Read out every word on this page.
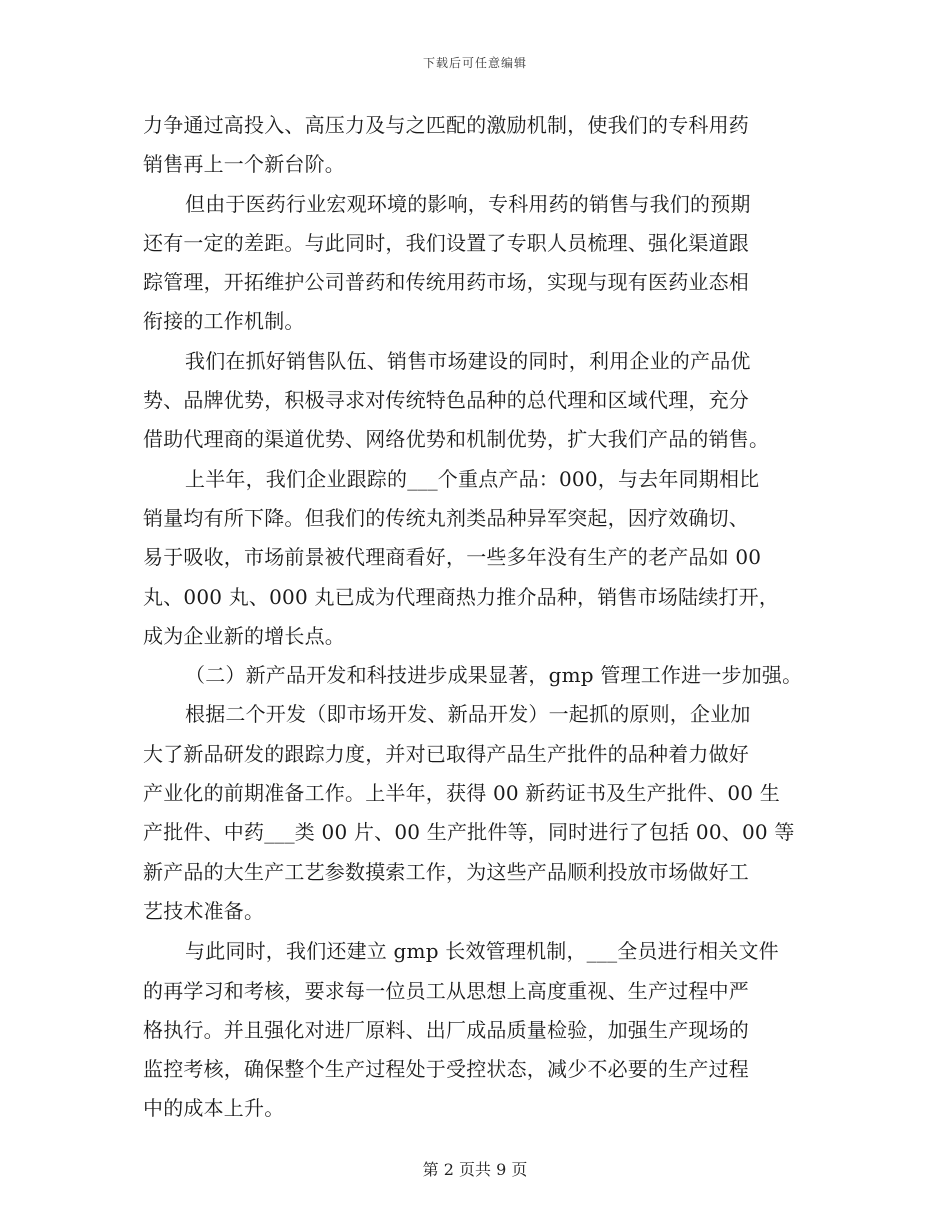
下载后可任意编辑
力争通过高投入、高压力及与之匹配的激励机制，使我们的专科用药
销售再上一个新台阶。
但由于医药行业宏观环境的影响，专科用药的销售与我们的预期
还有一定的差距。与此同时，我们设置了专职人员梳理、强化渠道跟
踪管理，开拓维护公司普药和传统用药市场，实现与现有医药业态相
衔接的工作机制。
我们在抓好销售队伍、销售市场建设的同时，利用企业的产品优
势、品牌优势，积极寻求对传统特色品种的总代理和区域代理，充分
借助代理商的渠道优势、网络优势和机制优势，扩大我们产品的销售。
上半年，我们企业跟踪的___个重点产品：000，与去年同期相比
销量均有所下降。但我们的传统丸剂类品种异军突起，因疗效确切、
易于吸收，市场前景被代理商看好，一些多年没有生产的老产品如 00
丸、000 丸、000 丸已成为代理商热力推介品种，销售市场陆续打开，
成为企业新的增长点。
（二）新产品开发和科技进步成果显著，gmp 管理工作进一步加强。
根据二个开发（即市场开发、新品开发）一起抓的原则，企业加
大了新品研发的跟踪力度，并对已取得产品生产批件的品种着力做好
产业化的前期准备工作。上半年，获得 00 新药证书及生产批件、00 生
产批件、中药___类 00 片、00 生产批件等，同时进行了包括 00、00 等
新产品的大生产工艺参数摸索工作，为这些产品顺利投放市场做好工
艺技术准备。
与此同时，我们还建立 gmp 长效管理机制，___全员进行相关文件
的再学习和考核，要求每一位员工从思想上高度重视、生产过程中严
格执行。并且强化对进厂原料、出厂成品质量检验，加强生产现场的
监控考核，确保整个生产过程处于受控状态，减少不必要的生产过程
中的成本上升。
第 2 页共 9 页
